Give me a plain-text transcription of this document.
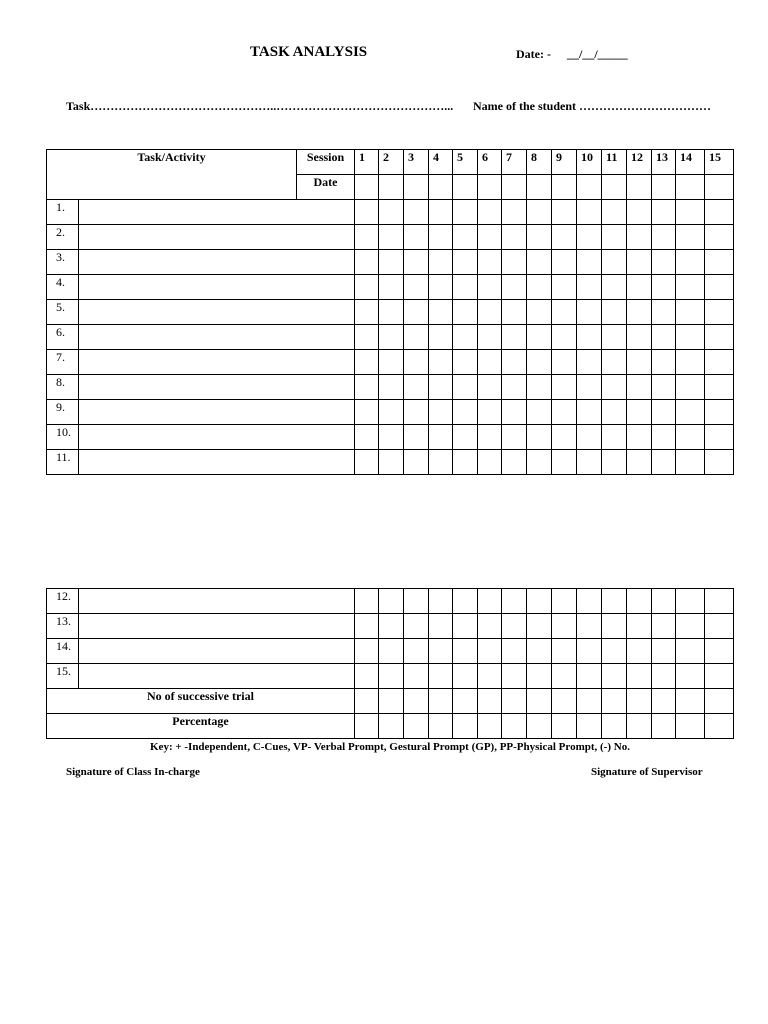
TASK ANALYSIS	Date: - __/__/_____
Task………………………………………..……………………………………... Name of the student ……………………………
Task/Activity		Session	1	2	3	4	5	6	7	8	9	10	11	12	13	14	15
		Date															
1.																	
2.																	
3.																	
4.																	
5.																	
6.																	
7.																	
8.																	
9.																	
10.																	
11.																	
12.																
13.																
14.																
15.																
No of successive trial																
Percentage																
Key: + -Independent, C-Cues, VP- Verbal Prompt, Gestural Prompt (GP), PP-Physical Prompt, (-) No.
Signature of Class In-charge	Signature of Supervisor
